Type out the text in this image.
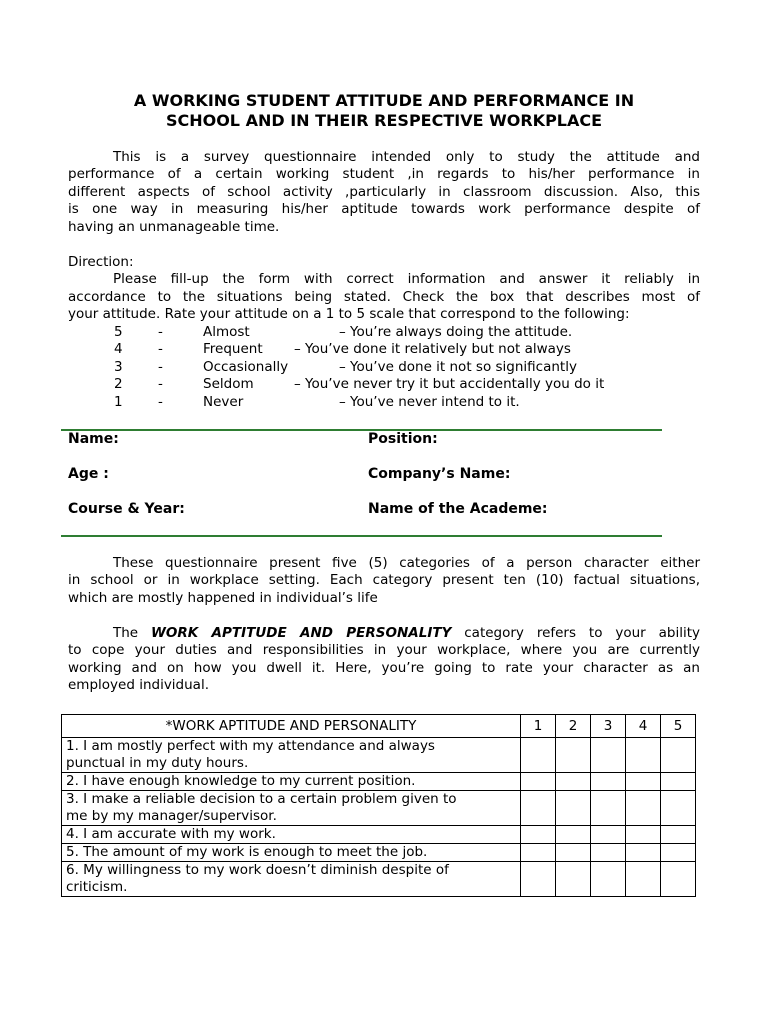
A WORKING STUDENT ATTITUDE AND PERFORMANCE IN
SCHOOL AND IN THEIR RESPECTIVE WORKPLACE
This is a survey questionnaire intended only to study the attitude and
performance of a certain working student ,in regards to his/her performance in
different aspects of school activity ,particularly in classroom discussion. Also, this
is one way in measuring his/her aptitude towards work performance despite of
having an unmanageable time.
Direction:
Please fill-up the form with correct information and answer it reliably in
accordance to the situations being stated. Check the box that describes most of
your attitude. Rate your attitude on a 1 to 5 scale that correspond to the following:
5	-	Almost	– You’re always doing the attitude.
4	-	Frequent – You’ve done it relatively but not always
3	-	Occasionally	– You’ve done it not so significantly
2	-	Seldom	– You’ve never try it but accidentally you do it
1	-	Never	– You’ve never intend to it.
Name:	Position:
Age :	Company’s Name:
Course & Year:	Name of the Academe:
These questionnaire present five (5) categories of a person character either
in school or in workplace setting. Each category present ten (10) factual situations,
which are mostly happened in individual’s life
The WORK APTITUDE AND PERSONALITY category refers to your ability
to cope your duties and responsibilities in your workplace, where you are currently
working and on how you dwell it. Here, you’re going to rate your character as an
employed individual.
*WORK APTITUDE AND PERSONALITY	1	2	3	4	5

1. I am mostly perfect with my attendance and always
punctual in my duty hours.					

2. I have enough knowledge to my current position.					

3. I make a reliable decision to a certain problem given to
me by my manager/supervisor.					

4. I am accurate with my work.					

5. The amount of my work is enough to meet the job.					

6. My willingness to my work doesn’t diminish despite of
criticism.					
